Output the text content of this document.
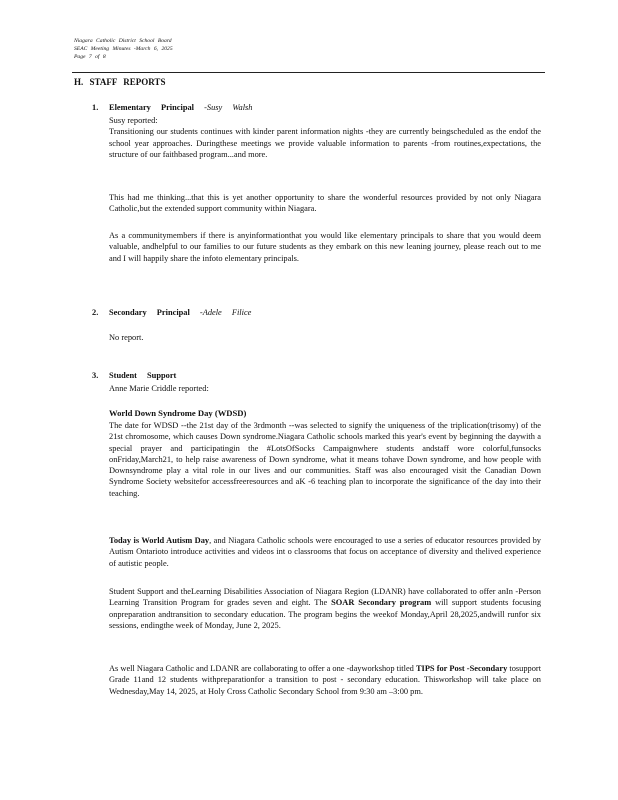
Niagara Catholic District School Board
SEAC Meeting Minutes -March 6, 2025
Page 7 of 8
H. STAFF REPORTS
1. Elementary Principal -Susy Walsh
Susy reported:

Transitioning our students continues with kinder parent information nights -they are currently beingscheduled as the endof the school year approaches. Duringthese meetings we provide valuable information to parents -from routines,expectations, the structure of our faithbased program...and more.

This had me thinking...that this is yet another opportunity to share the wonderful resources provided by not only Niagara Catholic,but the extended support community within Niagara.
As a communitymembers if there is anyinformationthat you would like elementary principals to share that you would deem valuable, andhelpful to our families to our future students as they embark on this new leaning journey, please reach out to me and I will happily share the infoto elementary principals.
2. Secondary Principal -Adele Filice
No report.
3. Student Support
Anne Marie Criddle reported:
World Down Syndrome Day (WDSD)
The date for WDSD --the 21st day of the 3rdmonth --was selected to signify the uniqueness of the triplication(trisomy) of the 21st chromosome, which causes Down syndrome.Niagara Catholic schools marked this year's event by beginning the daywith a special prayer and participatingin the #LotsOfSocks Campaignwhere students andstaff wore colorful,funsocks onFriday,March21, to help raise awareness of Down syndrome, what it means tohave Down syndrome, and how people with Downsyndrome play a vital role in our lives and our communities. Staff was also encouraged visit the Canadian Down Syndrome Society websitefor accessfreeresources and aK -6 teaching plan to incorporate the significance of the day into their teaching.
Today is World Autism Day, and Niagara Catholic schools were encouraged to use a series of educator resources provided by Autism Ontarioto introduce activities and videos int o classrooms that focus on acceptance of diversity and thelived experience of autistic people.
Student Support and theLearning Disabilities Association of Niagara Region (LDANR) have collaborated to offer anIn -Person Learning Transition Program for grades seven and eight. The SOAR Secondary program will support students focusing onpreparation andtransition to secondary education. The program begins the weekof Monday,April 28,2025,andwill runfor six sessions, endingthe week of Monday, June 2, 2025.
As well Niagara Catholic and LDANR are collaborating to offer a one -dayworkshop titled TIPS for Post -Secondary tosupport Grade 11and 12 students withpreparationfor a transition to post - secondary education. Thisworkshop will take place on Wednesday,May 14, 2025, at Holy Cross Catholic Secondary School from 9:30 am –3:00 pm.
